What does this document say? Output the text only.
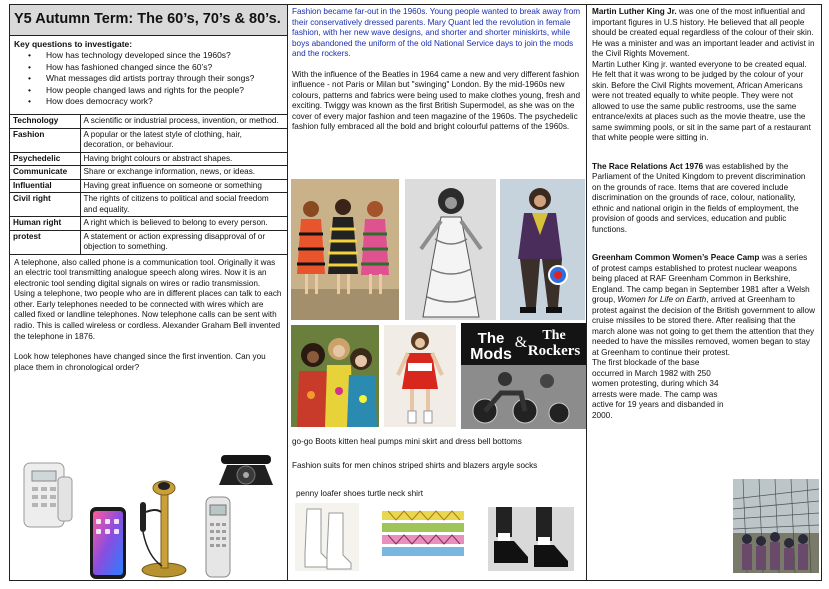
Y5 Autumn Term: The 60’s, 70’s & 80’s.
Key questions to investigate:
• How has technology developed since the 1960s?
• How has fashioned changed since the 60’s?
• What messages did artists portray through their songs?
• How people changed laws and rights for the people?
• How does democracy work?
Technology	A scientific or industrial process, invention, or method.
Fashion	A popular or the latest style of clothing, hair, decoration, or behaviour.
Psychedelic	Having bright colours or abstract shapes.
Communicate	Share or exchange information, news, or ideas.
Influential	Having great influence on someone or something
Civil right	The rights of citizens to political and social freedom and equality.
Human right	A right which is believed to belong to every person.
protest	A statement or action expressing disapproval of or objection to something.

A telephone, also called phone is a communication tool. Originally it was an electric tool transmitting analogue speech along wires. Now it is an electronic tool sending digital signals on wires or radio transmission. Using a telephone, two people who are in different places can talk to each other. Early telephones needed to be connected with wires which are called fixed or landline telephones. Now telephone calls can be sent with radio. This is called wireless or cordless. Alexander Graham Bell invented the telephone in 1876.

Look how telephones have changed since the first invention. Can you place them in chronological order?

Fashion became far-out in the 1960s. Young people wanted to break away from their conservatively dressed parents. Mary Quant led the revolution in female fashion, with her new wave designs, and shorter and shorter miniskirts, while boys abandoned the uniform of the old National Service days to join the mods and the rockers.

With the influence of the Beatles in 1964 came a new and very different fashion influence - not Paris or Milan but "swinging" London. By the mid-1960s new colours, patterns and fabrics were being used to make clothes young, fresh and exciting. Twiggy was known as the first British Supermodel, as she was on the cover of every major fashion and teen magazine of the 1960s. The psychedelic fashion fully embraced all the bold and bright colourful patterns of the 1960s.

The
Mods
& The
Rockers
go-go Boots kitten heal pumps mini skirt and dress bell bottoms
Fashion suits for men chinos striped shirts and blazers argyle socks
penny loafer shoes turtle neck shirt

Martin Luther King Jr. was one of the most influential and important figures in U.S history. He believed that all people should be created equal regardless of the colour of their skin. He was a minister and was an important leader and activist in the Civil Rights Movement.
Martin Luther King jr. wanted everyone to be created equal. He felt that it was wrong to be judged by the colour of your skin. Before the Civil Rights movement, African Americans were not treated equally to white people. They were not allowed to use the same public restrooms, use the same entrance/exits at places such as the movie theatre, use the same swimming pools, or sit in the same part of a restaurant that white people were sitting in.

The Race Relations Act 1976 was established by the Parliament of the United Kingdom to prevent discrimination on the grounds of race. Items that are covered include discrimination on the grounds of race, colour, nationality, ethnic and national origin in the fields of employment, the provision of goods and services, education and public functions.

Greenham Common Women’s Peace Camp was a series of protest camps established to protest nuclear weapons being placed at RAF Greenham Common in Berkshire, England. The camp began in September 1981 after a Welsh group, Women for Life on Earth, arrived at Greenham to protest against the decision of the British government to allow cruise missiles to be stored there. After realising that the march alone was not going to get them the attention that they needed to have the missiles removed, women began to stay at Greenham to continue their protest.

The first blockade of the base occurred in March 1982 with 250 women protesting, during which 34 arrests were made. The camp was active for 19 years and disbanded in 2000.
